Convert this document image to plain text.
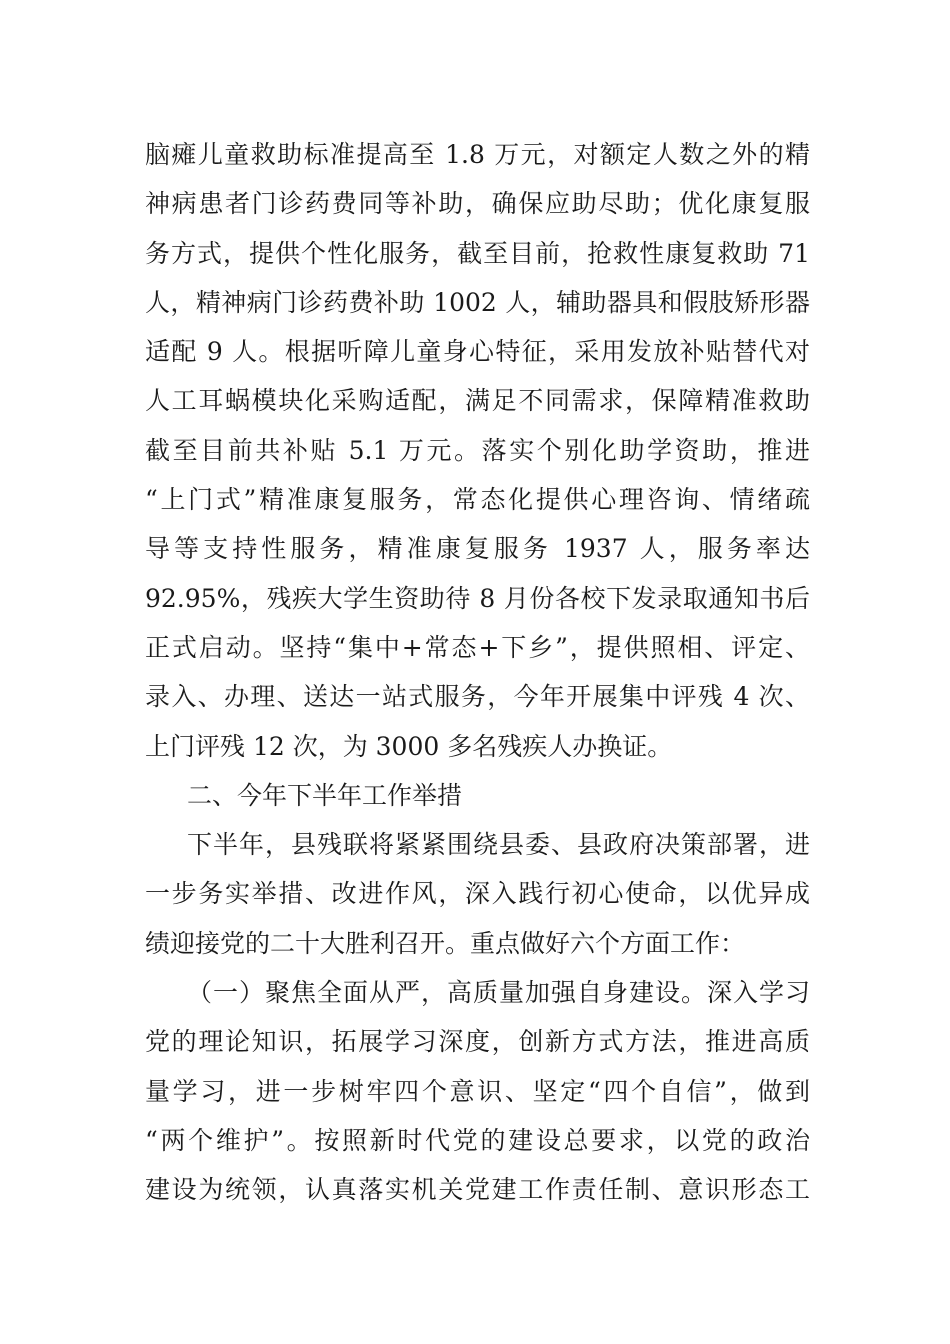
脑瘫儿童救助标准提高至 1.8 万元，对额定人数之外的精
神病患者门诊药费同等补助，确保应助尽助；优化康复服
务方式，提供个性化服务，截至目前，抢救性康复救助 71
人，精神病门诊药费补助 1002 人，辅助器具和假肢矫形器
适配 9 人。根据听障儿童身心特征，采用发放补贴替代对
人工耳蜗模块化采购适配，满足不同需求，保障精准救助
截至目前共补贴 5.1 万元。落实个别化助学资助，推进
“上门式”精准康复服务，常态化提供心理咨询、情绪疏
导等支持性服务，精准康复服务 1937 人，服务率达
92.95%，残疾大学生资助待 8 月份各校下发录取通知书后
正式启动。坚持“集中+常态+下乡”，提供照相、评定、
录入、办理、送达一站式服务，今年开展集中评残 4 次、
上门评残 12 次，为 3000 多名残疾人办换证。
二、今年下半年工作举措
下半年，县残联将紧紧围绕县委、县政府决策部署，进
一步务实举措、改进作风，深入践行初心使命，以优异成
绩迎接党的二十大胜利召开。重点做好六个方面工作：
（一）聚焦全面从严，高质量加强自身建设。深入学习
党的理论知识，拓展学习深度，创新方式方法，推进高质
量学习，进一步树牢四个意识、坚定“四个自信”，做到
“两个维护”。按照新时代党的建设总要求，以党的政治
建设为统领，认真落实机关党建工作责任制、意识形态工
